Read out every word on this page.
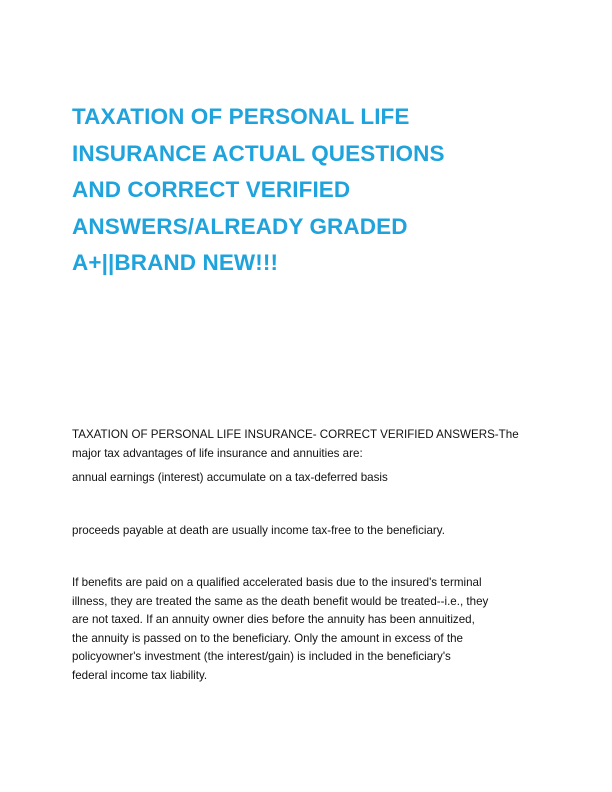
TAXATION OF PERSONAL LIFE
INSURANCE ACTUAL QUESTIONS
AND CORRECT VERIFIED
ANSWERS/ALREADY GRADED
A+||BRAND NEW!!!

TAXATION OF PERSONAL LIFE INSURANCE- CORRECT VERIFIED ANSWERS-The
major tax advantages of life insurance and annuities are:

annual earnings (interest) accumulate on a tax-deferred basis

proceeds payable at death are usually income tax-free to the beneficiary.

If benefits are paid on a qualified accelerated basis due to the insured's terminal
illness, they are treated the same as the death benefit would be treated--i.e., they
are not taxed. If an annuity owner dies before the annuity has been annuitized,
the annuity is passed on to the beneficiary. Only the amount in excess of the
policyowner's investment (the interest/gain) is included in the beneficiary's
federal income tax liability.
